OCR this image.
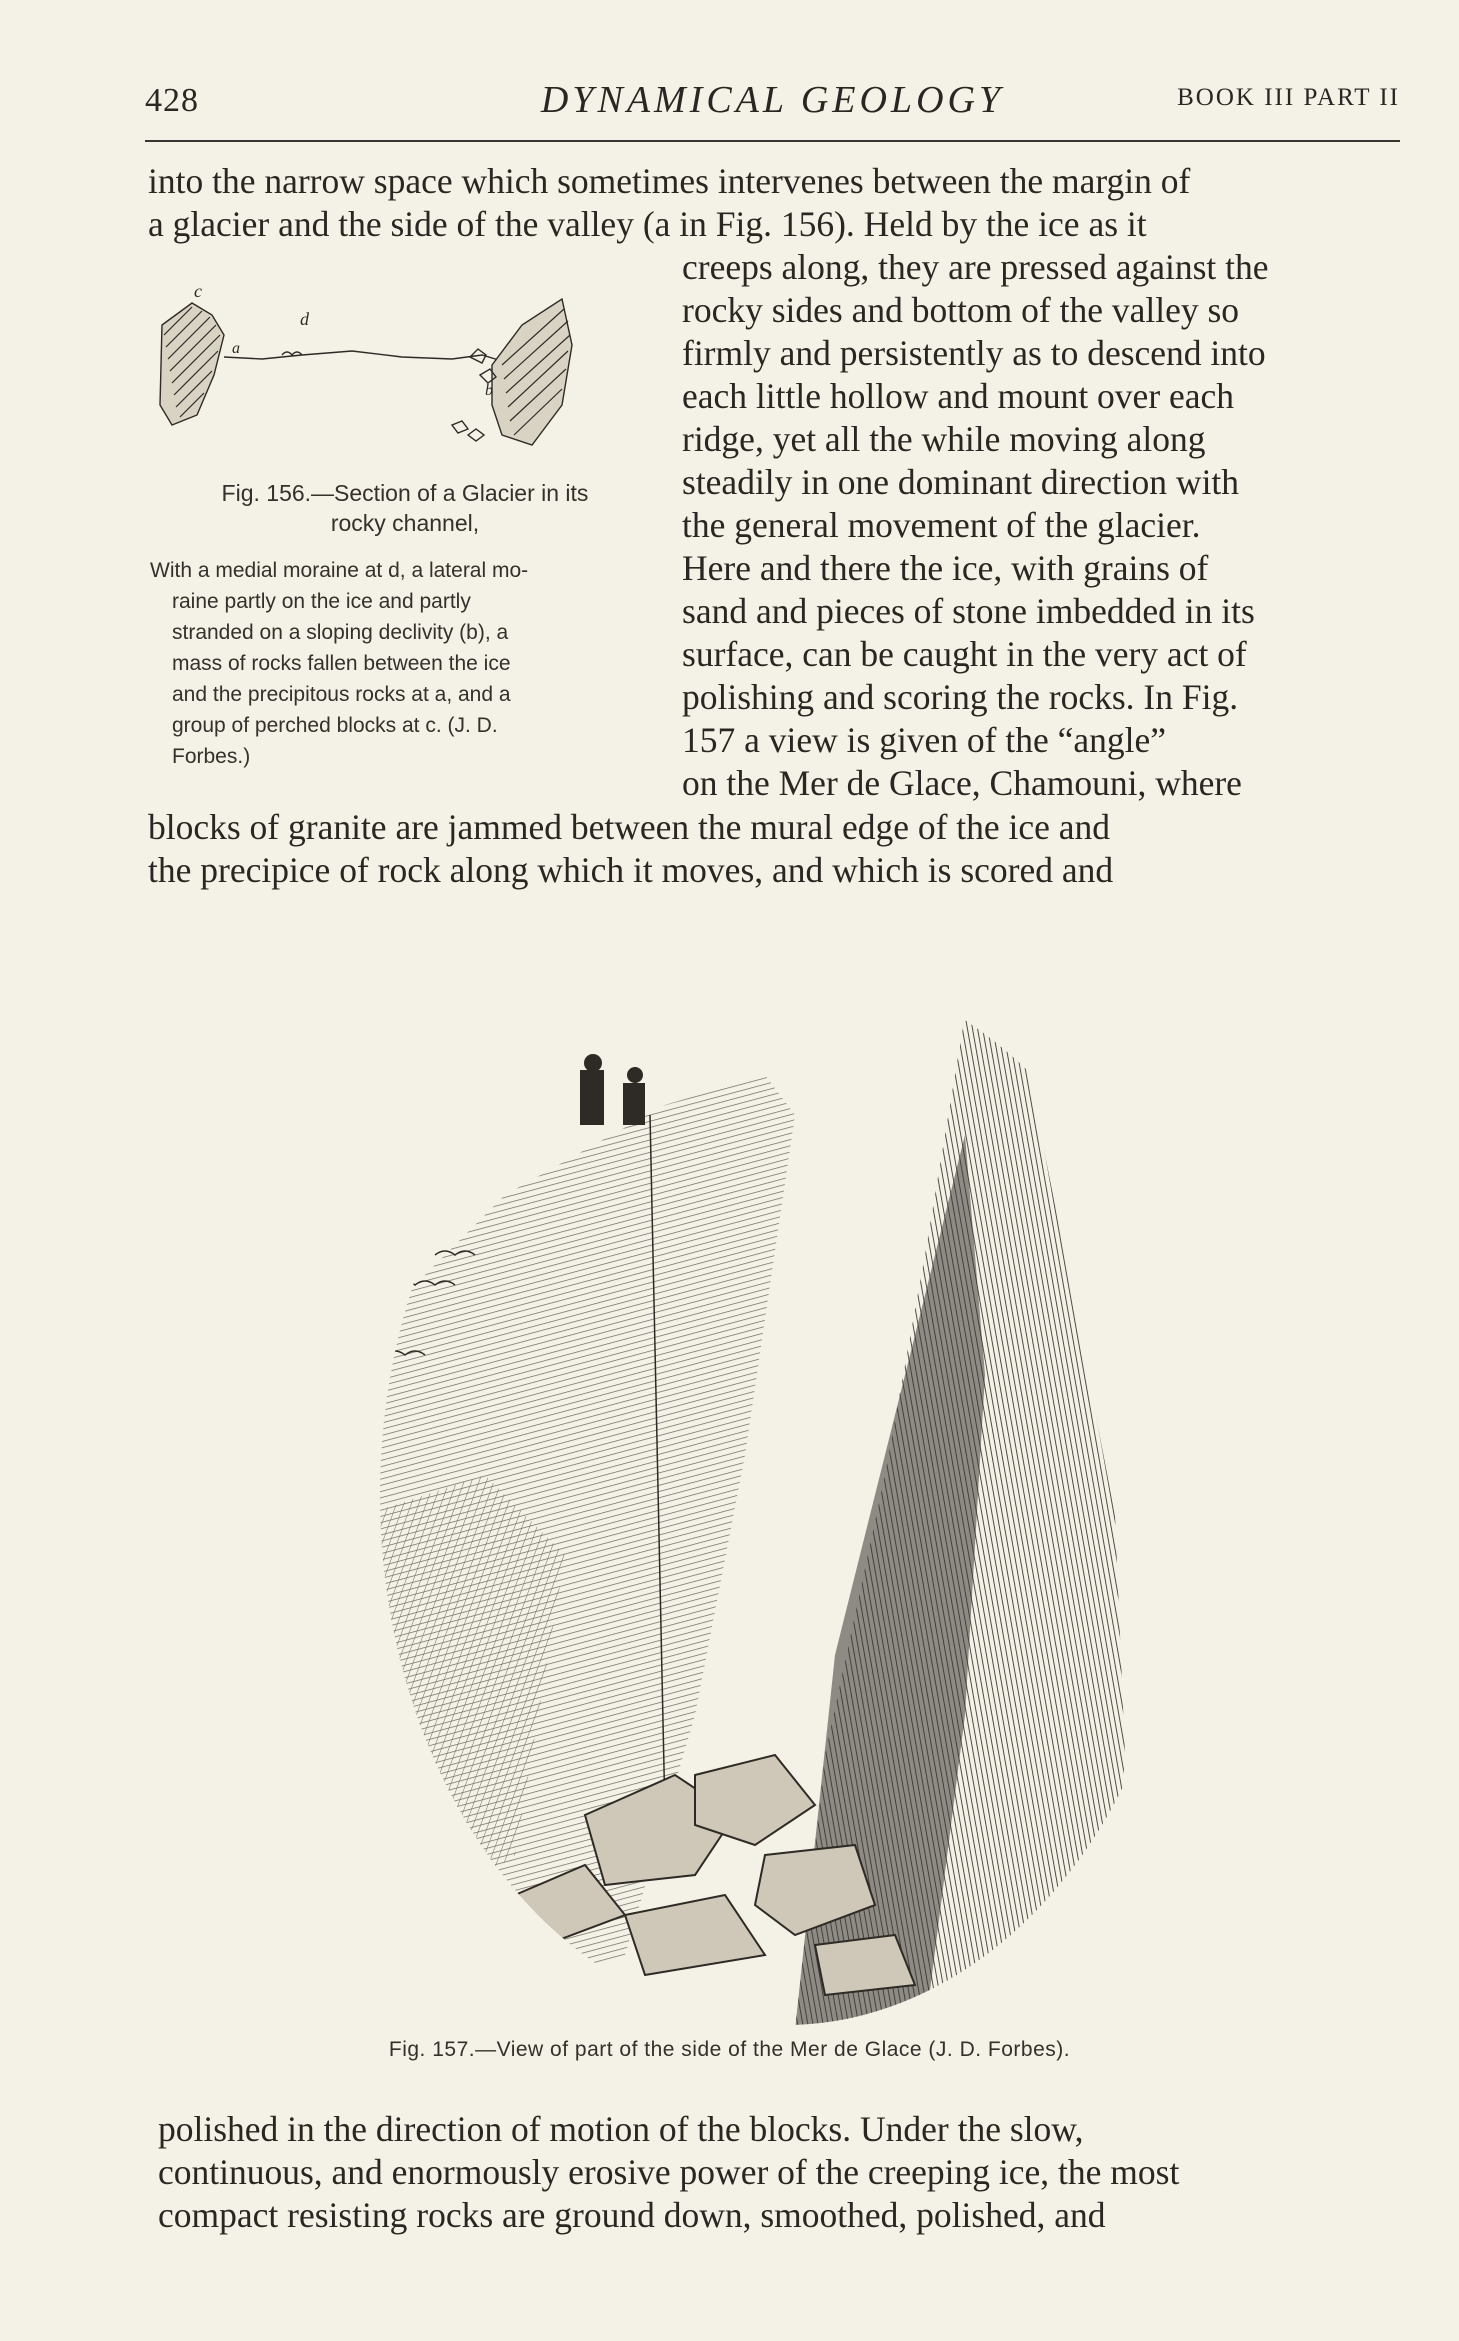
428	DYNAMICAL GEOLOGY	BOOK III PART II
into the narrow space which sometimes intervenes between the margin of
a glacier and the side of the valley (a in Fig. 156). Held by the ice as it
creeps along, they are pressed against the
rocky sides and bottom of the valley so
firmly and persistently as to descend into
each little hollow and mount over each
ridge, yet all the while moving along
steadily in one dominant direction with
the general movement of the glacier.
Here and there the ice, with grains of
sand and pieces of stone imbedded in its
surface, can be caught in the very act of
polishing and scoring the rocks. In Fig.
157 a view is given of the “angle”
on the Mer de Glace, Chamouni, where
blocks of granite are jammed between the mural edge of the ice and
the precipice of rock along which it moves, and which is scored and
c
d
a
b
Fig. 156.—Section of a Glacier in its
rocky channel,
With a medial moraine at d, a lateral mo-
raine partly on the ice and partly
stranded on a sloping declivity (b), a
mass of rocks fallen between the ice
and the precipitous rocks at a, and a
group of perched blocks at c. (J. D.
Forbes.)
Fig. 157.—View of part of the side of the Mer de Glace (J. D. Forbes).
polished in the direction of motion of the blocks. Under the slow,
continuous, and enormously erosive power of the creeping ice, the most
compact resisting rocks are ground down, smoothed, polished, and
